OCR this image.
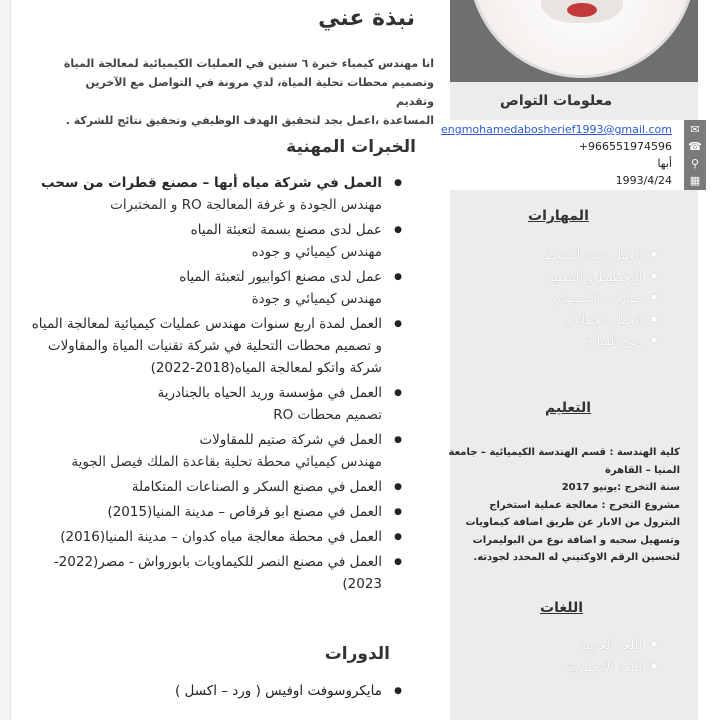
نبذة عني
انا مهندس كيمياء خبرة ٦ سنين في العمليات الكيميائية لمعالجة المياة
وتصميم محطات تحلية المياة، لدي مرونة في التواصل مع الآخرين وتقديم
المساعدة ،اعمل بجد لتحقيق الهدف الوظيفي وتحقيق نتائج للشركة .
الخبرات المهنية
● العمل في شركة مياه أبها – مصنع قطرات من سحب
مهندس الجودة و غرفة المعالجة RO و المختبرات
● عمل لدى مصنع بسمة لتعبئة المياه
مهندس كيميائي و جوده
● عمل لدى مصنع اكوابيور لتعبئة المياه
مهندس كيميائي و جودة
● العمل لمدة اربع سنوات مهندس عمليات كيميائية لمعالجة المياه و تصميم محطات التحلية في شركة تقنيات المياة والمقاولات شركة واتكو لمعالجة المياه(2018-2022)
● العمل في مؤسسة وريد الحياه بالجنادرية
تصميم محطات RO
● العمل في شركة صتيم للمقاولات
مهندس كيميائي محطة تحلية بقاعدة الملك فيصل الجوية
● العمل في مصنع السكر و الصناعات المتكاملة
● العمل في مصنع ابو قرقاص – مدينة المنيا(2015)
● العمل في محطة معالجة مياه كدوان – مدينة المنيا(2016)
● العمل في مصنع النصر للكيماويات بابورواش - مصر(2022-2023)
الدورات
● مايكروسوفت اوفيس ( ورد – اكسل )
معلومات التواص
engmohamedabosherief1993@gmail.com
+966551974596
أبها
1993/4/24
✉
☎
⚲
▦
المهارات
● العمل تحت الضغط
● التخطيط و التنظيم
● مهارات الكمبيوتر
● العمل الجماعي
● روح القيادة
التعليم
كلية الهندسة : قسم الهندسة الكيميائية – جامعة
المنيا – القاهرة
سنة التخرج :يونيو 2017
مشروع التخرج : معالجة عملية استخراج
البترول من الابار عن طريق اضافة كيماويات
وتسهيل سحبه و اضافة نوع من البوليمرات
لتحسين الرقم الاوكتيني له المحدد لجودته.
اللغات
● اللغة العربية
● اللغة الانجليزية
